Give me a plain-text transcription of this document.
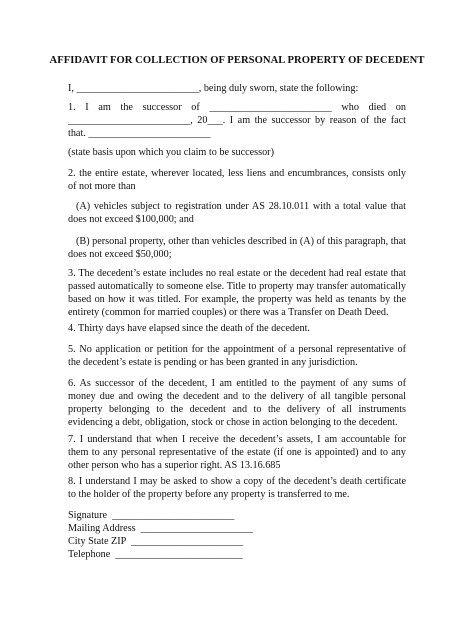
AFFIDAVIT FOR COLLECTION OF PERSONAL PROPERTY OF DECEDENT

I, ________________________, being duly sworn, state the following:

1. I am the successor of ________________________ who died on ________________________, 20___. I am the successor by reason of the fact that. ________________________

(state basis upon which you claim to be successor)

2. the entire estate, wherever located, less liens and encumbrances, consists only of not more than

(A) vehicles subject to registration under AS 28.10.011 with a total value that does not exceed $100,000; and

(B) personal property, other than vehicles described in (A) of this paragraph, that does not exceed $50,000;

3. The decedent’s estate includes no real estate or the decedent had real estate that passed automatically to someone else. Title to property may transfer automatically based on how it was titled. For example, the property was held as tenants by the entirety (common for married couples) or there was a Transfer on Death Deed.

4. Thirty days have elapsed since the death of the decedent.

5. No application or petition for the appointment of a personal representative of the decedent’s estate is pending or has been granted in any jurisdiction.

6. As successor of the decedent, I am entitled to the payment of any sums of money due and owing the decedent and to the delivery of all tangible personal property belonging to the decedent and to the delivery of all instruments evidencing a debt, obligation, stock or chose in action belonging to the decedent.

7. I understand that when I receive the decedent’s assets, I am accountable for them to any personal representative of the estate (if one is appointed) and to any other person who has a superior right. AS 13.16.685

8. I understand I may be asked to show a copy of the decedent’s death certificate to the holder of the property before any property is transferred to me.

Signature  ________________________

Mailing Address  ______________________

City State ZIP  ______________________

Telephone  _________________________
